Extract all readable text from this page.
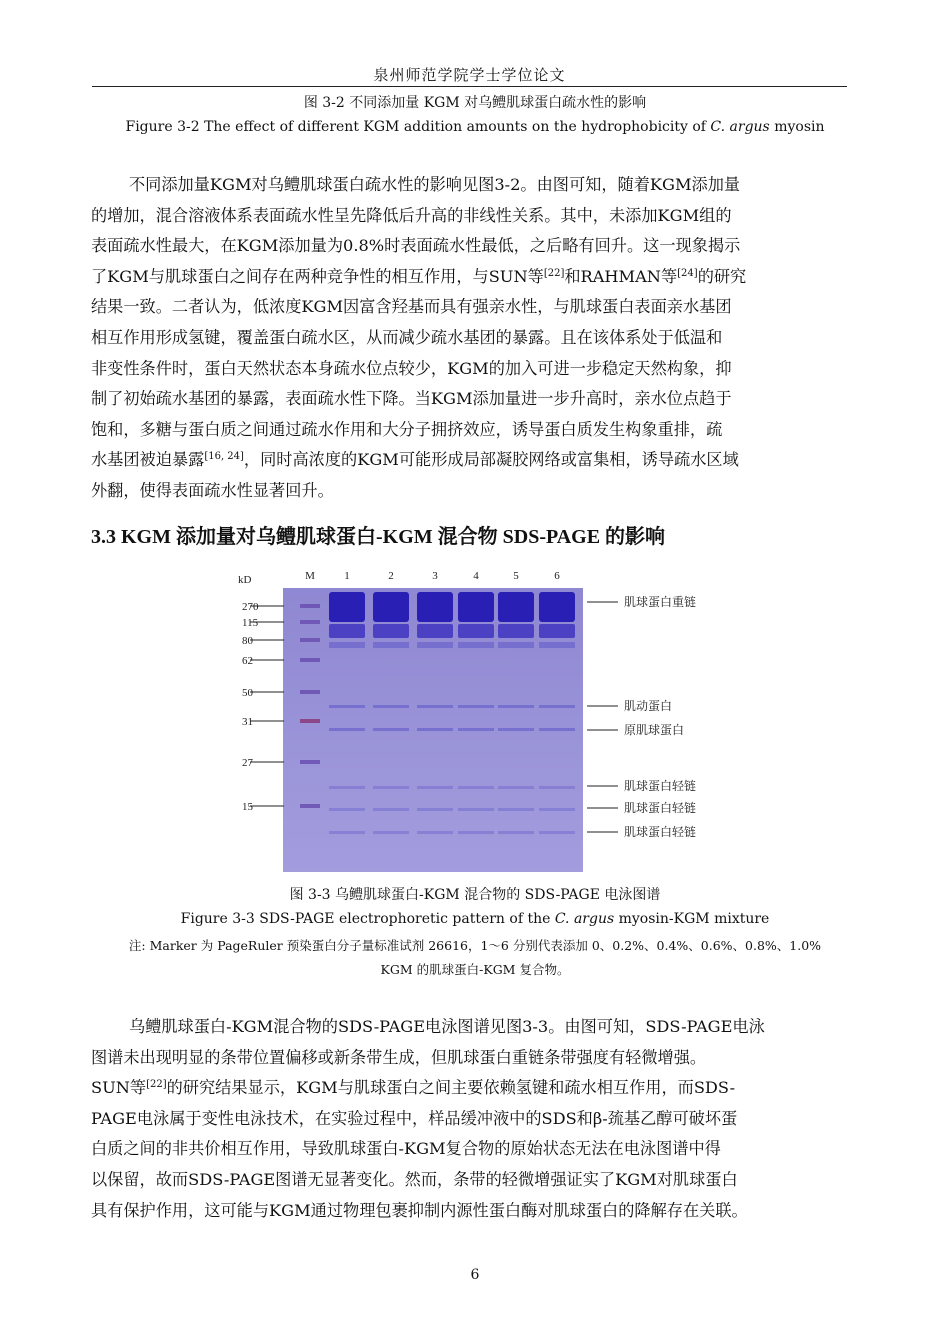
泉州师范学院学士学位论文
图 3-2 不同添加量 KGM 对乌鳢肌球蛋白疏水性的影响
Figure 3-2 The effect of different KGM addition amounts on the hydrophobicity of C. argus myosin
不同添加量KGM对乌鳢肌球蛋白疏水性的影响见图3-2。由图可知，随着KGM添加量
的增加，混合溶液体系表面疏水性呈先降低后升高的非线性关系。其中，未添加KGM组的
表面疏水性最大，在KGM添加量为0.8%时表面疏水性最低，之后略有回升。这一现象揭示
了KGM与肌球蛋白之间存在两种竞争性的相互作用，与SUN等[22]和RAHMAN等[24]的研究
结果一致。二者认为，低浓度KGM因富含羟基而具有强亲水性，与肌球蛋白表面亲水基团
相互作用形成氢键，覆盖蛋白疏水区，从而减少疏水基团的暴露。且在该体系处于低温和
非变性条件时，蛋白天然状态本身疏水位点较少，KGM的加入可进一步稳定天然构象，抑
制了初始疏水基团的暴露，表面疏水性下降。当KGM添加量进一步升高时，亲水位点趋于
饱和，多糖与蛋白质之间通过疏水作用和大分子拥挤效应，诱导蛋白质发生构象重排，疏
水基团被迫暴露[16, 24]，同时高浓度的KGM可能形成局部凝胶网络或富集相，诱导疏水区域
外翻，使得表面疏水性显著回升。
3.3 KGM 添加量对乌鳢肌球蛋白-KGM 混合物 SDS-PAGE 的影响
kD	M	1	2	3	4	5	6
270
115
80
62
50
31
27
15
肌球蛋白重链
肌动蛋白
原肌球蛋白
肌球蛋白轻链
肌球蛋白轻链
肌球蛋白轻链
图 3-3 乌鳢肌球蛋白-KGM 混合物的 SDS-PAGE 电泳图谱
Figure 3-3 SDS-PAGE electrophoretic pattern of the C. argus myosin-KGM mixture
注: Marker 为 PageRuler 预染蛋白分子量标准试剂 26616，1～6 分别代表添加 0、0.2%、0.4%、0.6%、0.8%、1.0%
KGM 的肌球蛋白-KGM 复合物。
乌鳢肌球蛋白-KGM混合物的SDS-PAGE电泳图谱见图3-3。由图可知，SDS-PAGE电泳
图谱未出现明显的条带位置偏移或新条带生成，但肌球蛋白重链条带强度有轻微增强。
SUN等[22]的研究结果显示，KGM与肌球蛋白之间主要依赖氢键和疏水相互作用，而SDS-
PAGE电泳属于变性电泳技术，在实验过程中，样品缓冲液中的SDS和β-巯基乙醇可破坏蛋
白质之间的非共价相互作用，导致肌球蛋白-KGM复合物的原始状态无法在电泳图谱中得
以保留，故而SDS-PAGE图谱无显著变化。然而，条带的轻微增强证实了KGM对肌球蛋白
具有保护作用，这可能与KGM通过物理包裹抑制内源性蛋白酶对肌球蛋白的降解存在关联。
6
